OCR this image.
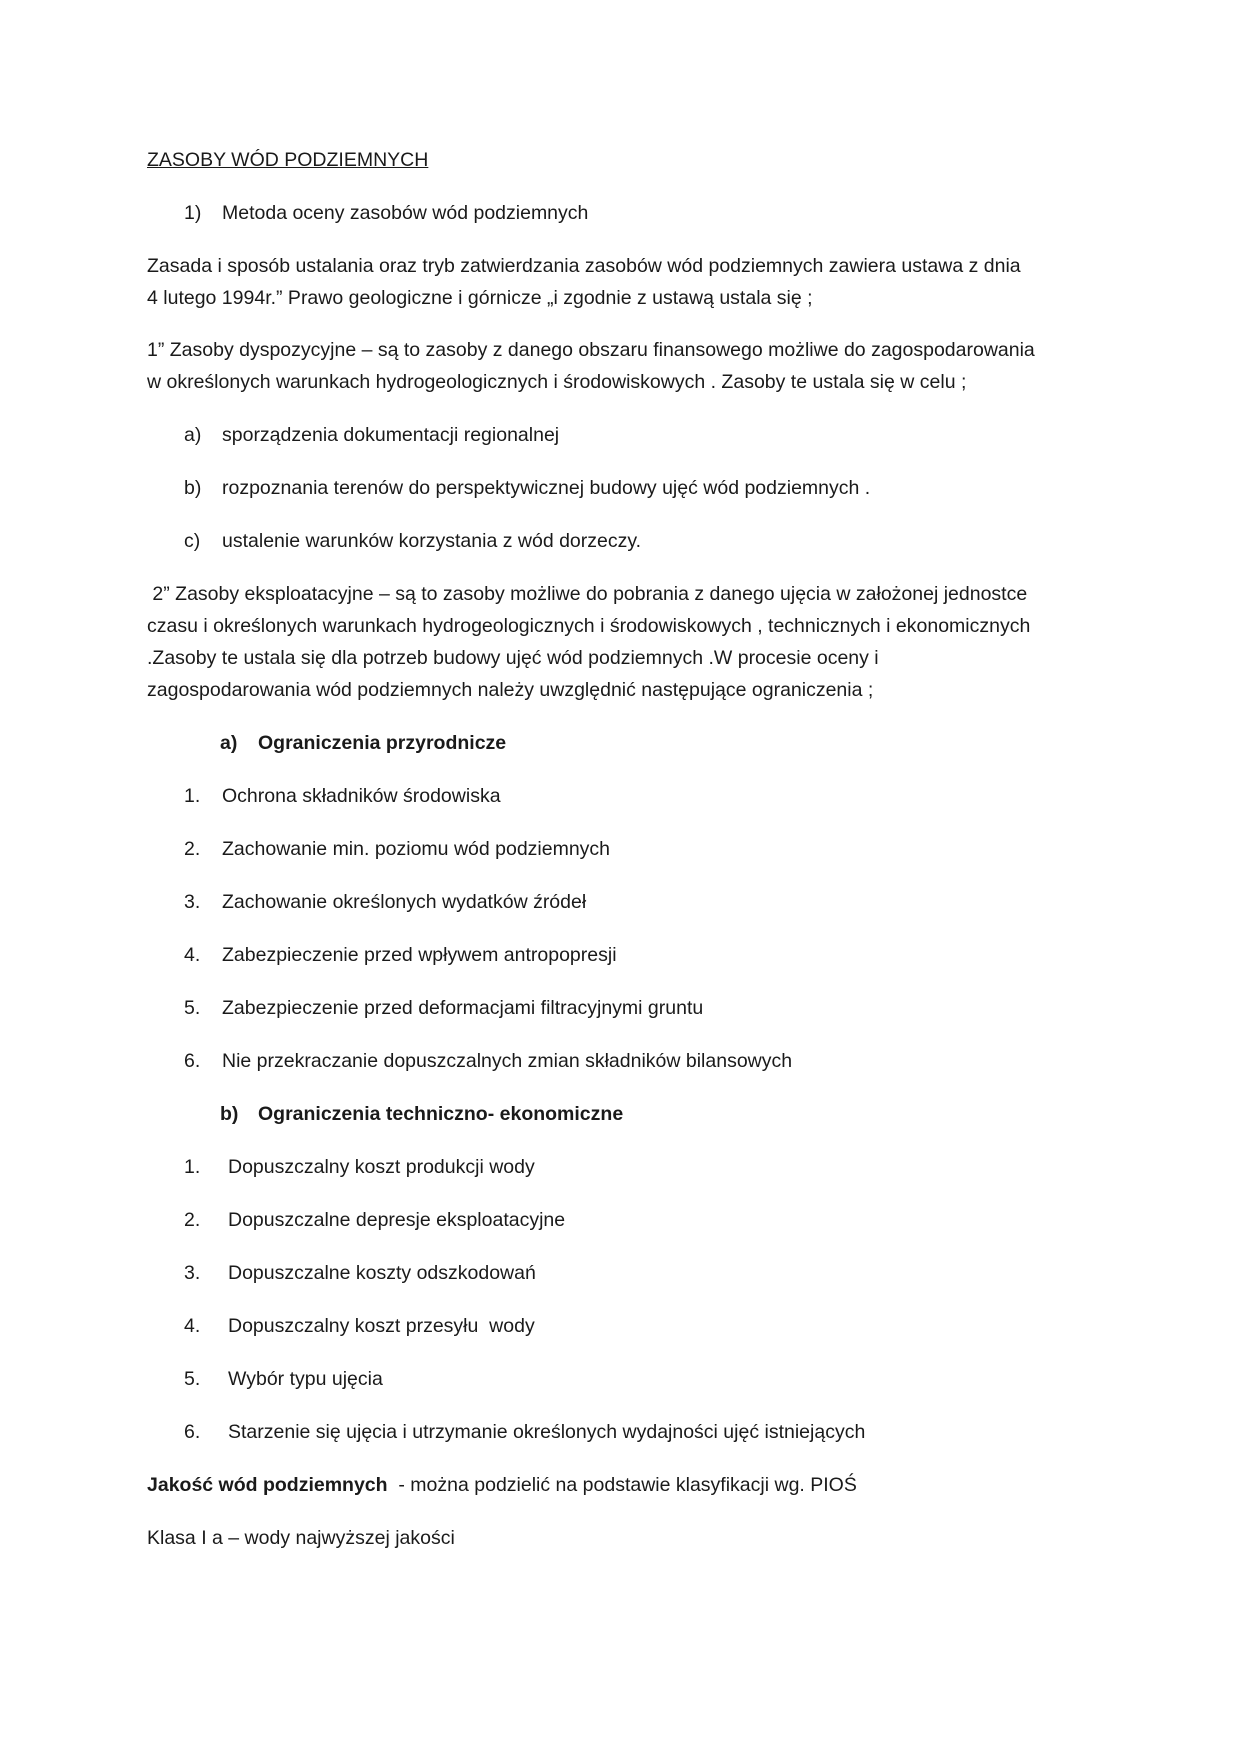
ZASOBY WÓD PODZIEMNYCH
1) Metoda oceny zasobów wód podziemnych
Zasada i sposób ustalania oraz tryb zatwierdzania zasobów wód podziemnych zawiera ustawa z dnia
4 lutego 1994r.” Prawo geologiczne i górnicze „i zgodnie z ustawą ustala się ;
1” Zasoby dyspozycyjne – są to zasoby z danego obszaru finansowego możliwe do zagospodarowania
w określonych warunkach hydrogeologicznych i środowiskowych . Zasoby te ustala się w celu ;
a) sporządzenia dokumentacji regionalnej
b) rozpoznania terenów do perspektywicznej budowy ujęć wód podziemnych .
c) ustalenie warunków korzystania z wód dorzeczy.
2” Zasoby eksploatacyjne – są to zasoby możliwe do pobrania z danego ujęcia w założonej jednostce
czasu i określonych warunkach hydrogeologicznych i środowiskowych , technicznych i ekonomicznych
.Zasoby te ustala się dla potrzeb budowy ujęć wód podziemnych .W procesie oceny i
zagospodarowania wód podziemnych należy uwzględnić następujące ograniczenia ;
a) Ograniczenia przyrodnicze
1. Ochrona składników środowiska
2. Zachowanie min. poziomu wód podziemnych
3. Zachowanie określonych wydatków źródeł
4. Zabezpieczenie przed wpływem antropopresji
5. Zabezpieczenie przed deformacjami filtracyjnymi gruntu
6. Nie przekraczanie dopuszczalnych zmian składników bilansowych
b) Ograniczenia techniczno- ekonomiczne
1. Dopuszczalny koszt produkcji wody
2. Dopuszczalne depresje eksploatacyjne
3. Dopuszczalne koszty odszkodowań
4. Dopuszczalny koszt przesyłu  wody
5. Wybór typu ujęcia
6. Starzenie się ujęcia i utrzymanie określonych wydajności ujęć istniejących
Jakość wód podziemnych  - można podzielić na podstawie klasyfikacji wg. PIOŚ
Klasa I a – wody najwyższej jakości
